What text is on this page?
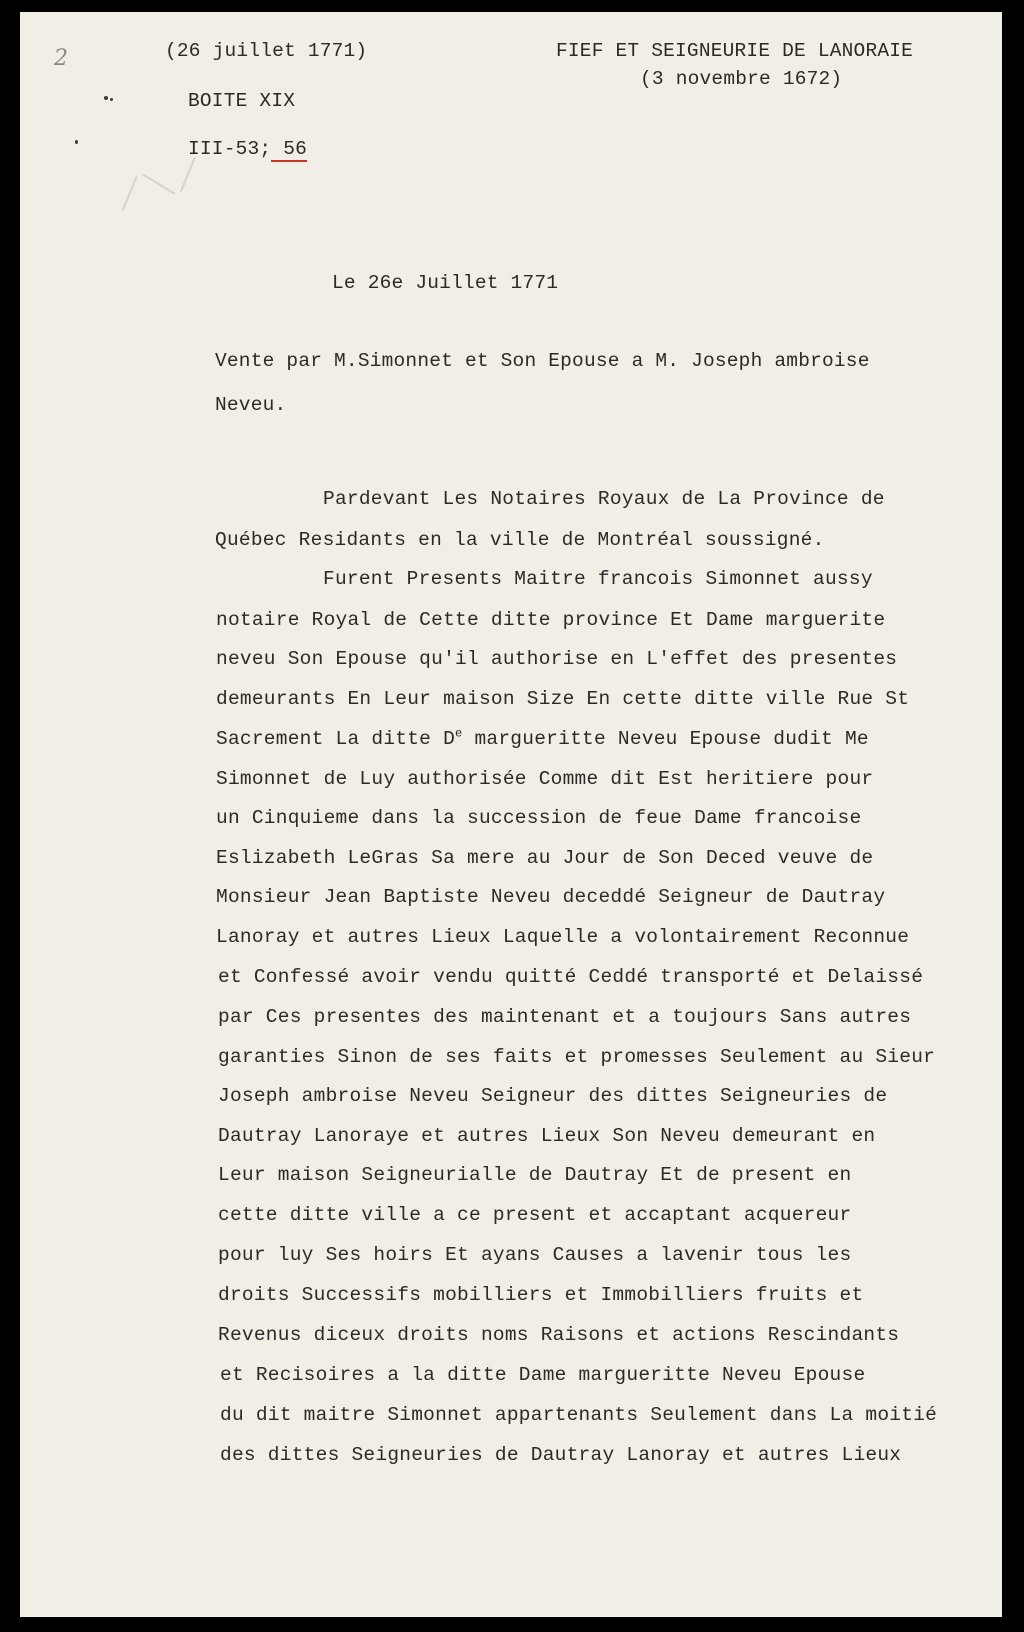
2
⟋⟍⟋
(26 juillet 1771)
BOITE XIX
III-53; 56
FIEF ET SEIGNEURIE DE LANORAIE
(3 novembre 1672)
Le 26e Juillet 1771
Vente par M.Simonnet et Son Epouse a M. Joseph ambroise
Neveu.
Pardevant Les Notaires Royaux de La Province de
Québec Residants en la ville de Montréal soussigné.
Furent Presents Maitre francois Simonnet aussy
notaire Royal de Cette ditte province Et Dame marguerite
neveu Son Epouse qu'il authorise en L'effet des presentes
demeurants En Leur maison Size En cette ditte ville Rue St
Sacrement La ditte De margueritte Neveu Epouse dudit Me
Simonnet de Luy authorisée Comme dit Est heritiere pour
un Cinquieme dans la succession de feue Dame francoise
Eslizabeth LeGras Sa mere au Jour de Son Deced veuve de
Monsieur Jean Baptiste Neveu deceddé Seigneur de Dautray
Lanoray et autres Lieux Laquelle a volontairement Reconnue
et Confessé avoir vendu quitté Ceddé transporté et Delaissé
par Ces presentes des maintenant et a toujours Sans autres
garanties Sinon de ses faits et promesses Seulement au Sieur
Joseph ambroise Neveu Seigneur des dittes Seigneuries de
Dautray Lanoraye et autres Lieux Son Neveu demeurant en
Leur maison Seigneurialle de Dautray Et de present en
cette ditte ville a ce present et accaptant acquereur
pour luy Ses hoirs Et ayans Causes a lavenir tous les
droits Successifs mobilliers et Immobilliers fruits et
Revenus diceux droits noms Raisons et actions Rescindants
et Recisoires a la ditte Dame margueritte Neveu Epouse
du dit maitre Simonnet appartenants Seulement dans La moitié
des dittes Seigneuries de Dautray Lanoray et autres Lieux
